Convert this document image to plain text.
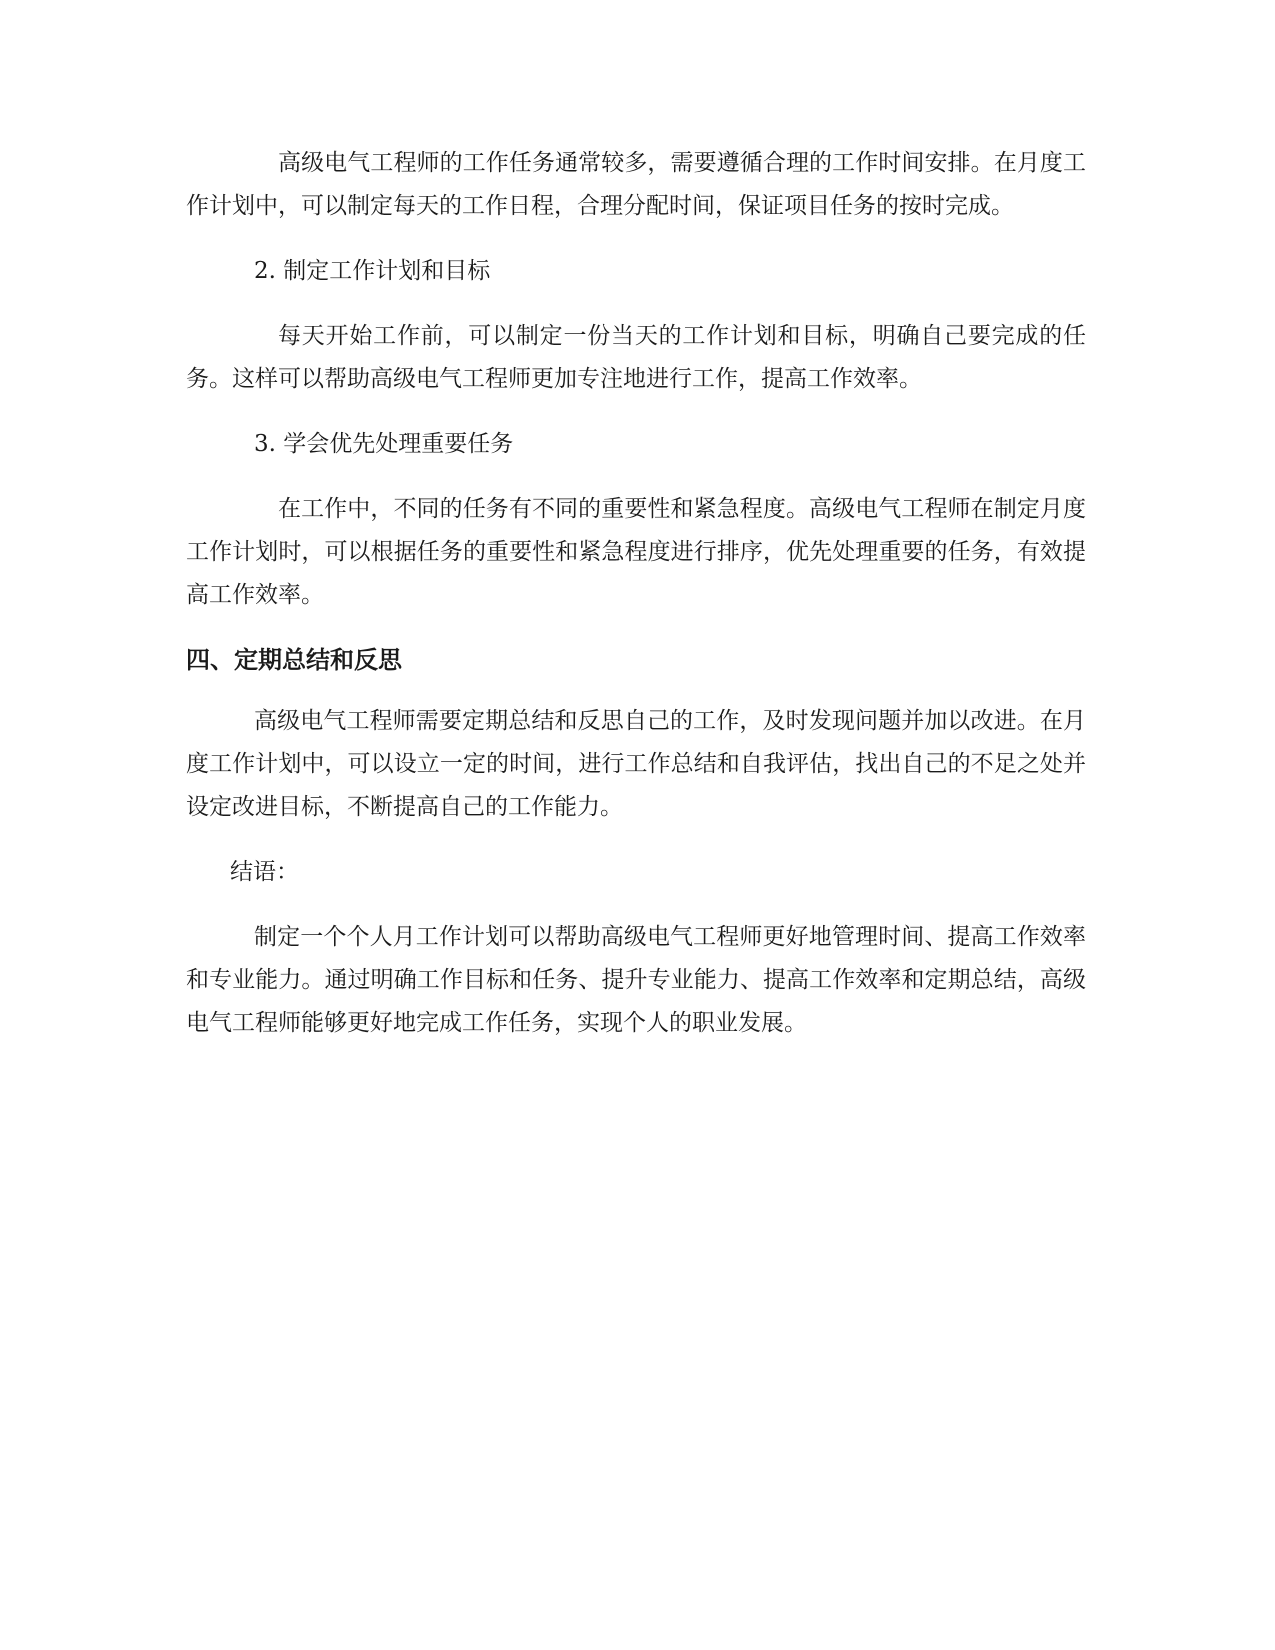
高级电气工程师的工作任务通常较多，需要遵循合理的工作时间安排。在月度工作计划中，可以制定每天的工作日程，合理分配时间，保证项目任务的按时完成。

2. 制定工作计划和目标

每天开始工作前，可以制定一份当天的工作计划和目标，明确自己要完成的任务。这样可以帮助高级电气工程师更加专注地进行工作，提高工作效率。

3. 学会优先处理重要任务

在工作中，不同的任务有不同的重要性和紧急程度。高级电气工程师在制定月度工作计划时，可以根据任务的重要性和紧急程度进行排序，优先处理重要的任务，有效提高工作效率。

四、定期总结和反思

高级电气工程师需要定期总结和反思自己的工作，及时发现问题并加以改进。在月度工作计划中，可以设立一定的时间，进行工作总结和自我评估，找出自己的不足之处并设定改进目标，不断提高自己的工作能力。

结语：

制定一个个人月工作计划可以帮助高级电气工程师更好地管理时间、提高工作效率和专业能力。通过明确工作目标和任务、提升专业能力、提高工作效率和定期总结，高级电气工程师能够更好地完成工作任务，实现个人的职业发展。
